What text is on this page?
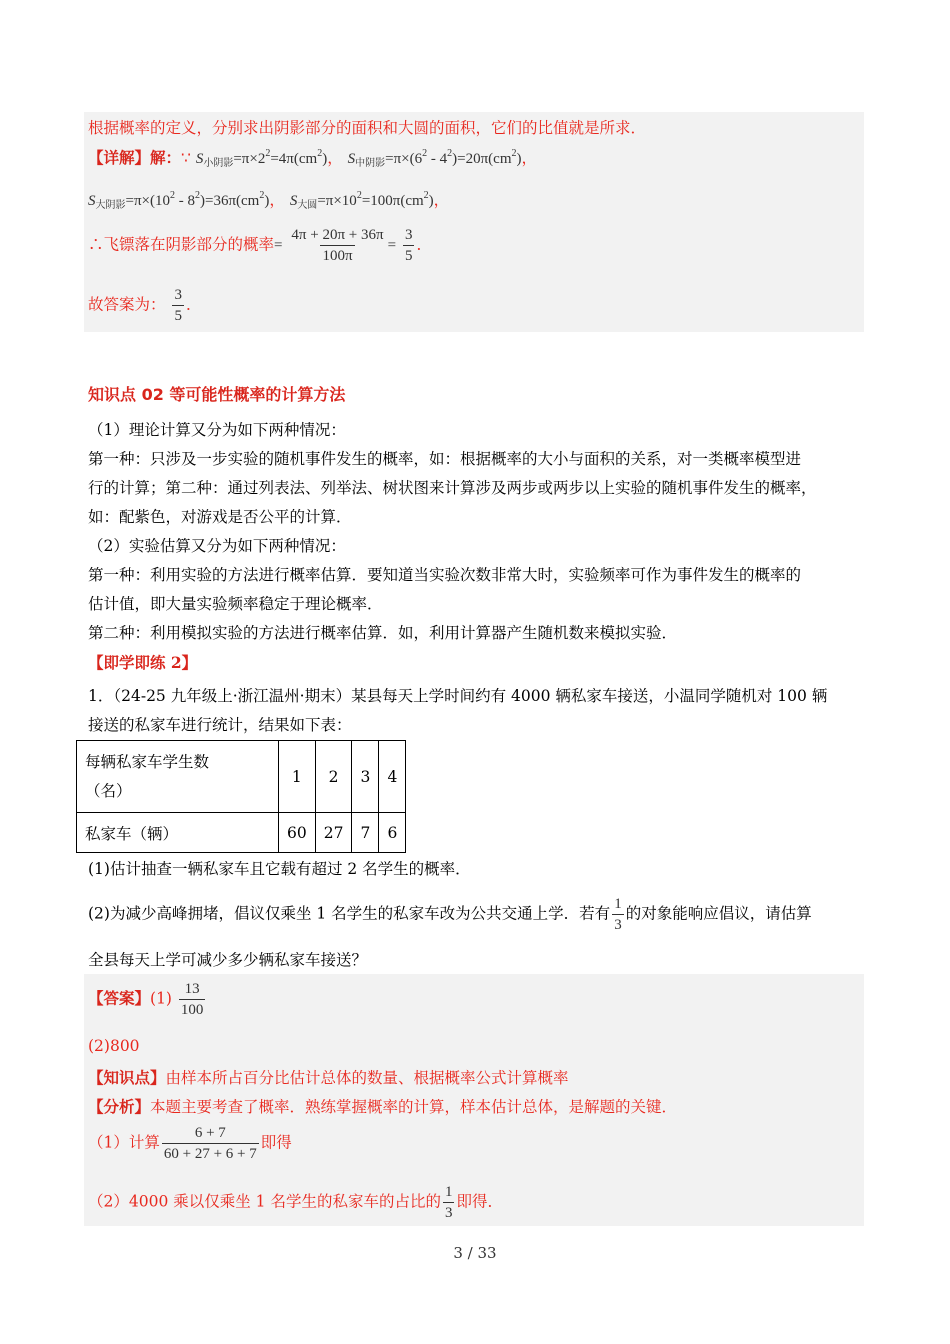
根据概率的定义，分别求出阴影部分的面积和大圆的面积，它们的比值就是所求．
【详解】解：∵ $S_{小阴影}=\pi\times 2^2=4\pi(cm^2)$， $S_{中阴影}=\pi\times(6^2 - 4^2)=20\pi(cm^2)$，
$S_{大阴影}=\pi\times(10^2 - 8^2)=36\pi(cm^2)$， $S_{大圆}=\pi\times 10^2=100\pi(cm^2)$，
∴飞镖落在阴影部分的概率= $\frac{4\pi + 20\pi + 36\pi}{100\pi} = \frac{3}{5}$ ．
故答案为： $\frac{3}{5}$ ．
知识点 02 等可能性概率的计算方法
（1）理论计算又分为如下两种情况：
第一种：只涉及一步实验的随机事件发生的概率，如：根据概率的大小与面积的关系，对一类概率模型进
行的计算；第二种：通过列表法、列举法、树状图来计算涉及两步或两步以上实验的随机事件发生的概率，
如：配紫色，对游戏是否公平的计算．
（2）实验估算又分为如下两种情况：
第一种：利用实验的方法进行概率估算．要知道当实验次数非常大时，实验频率可作为事件发生的概率的
估计值，即大量实验频率稳定于理论概率．
第二种：利用模拟实验的方法进行概率估算．如，利用计算器产生随机数来模拟实验．
【即学即练 2】
1．（24-25 九年级上·浙江温州·期末）某县每天上学时间约有 4000 辆私家车接送，小温同学随机对 100 辆
接送的私家车进行统计，结果如下表：
每辆私家车学生数
（名）	1	2	3	4
私家车（辆）	60	27	7	6
(1)估计抽查一辆私家车且它载有超过 2 名学生的概率．
(2)为减少高峰拥堵，倡议仅乘坐 1 名学生的私家车改为公共交通上学．若有 $\frac{1}{3}$ 的对象能响应倡议，请估算
全县每天上学可减少多少辆私家车接送？
【答案】$(1) \frac{13}{100}$
(2)800
【知识点】由样本所占百分比估计总体的数量、根据概率公式计算概率
【分析】本题主要考查了概率．熟练掌握概率的计算，样本估计总体，是解题的关键．
（1）计算 $\frac{6 + 7}{60 + 27 + 6 + 7}$ 即得
（2）4000 乘以仅乘坐 1 名学生的私家车的占比的 $\frac{1}{3}$ 即得．
3 / 33
